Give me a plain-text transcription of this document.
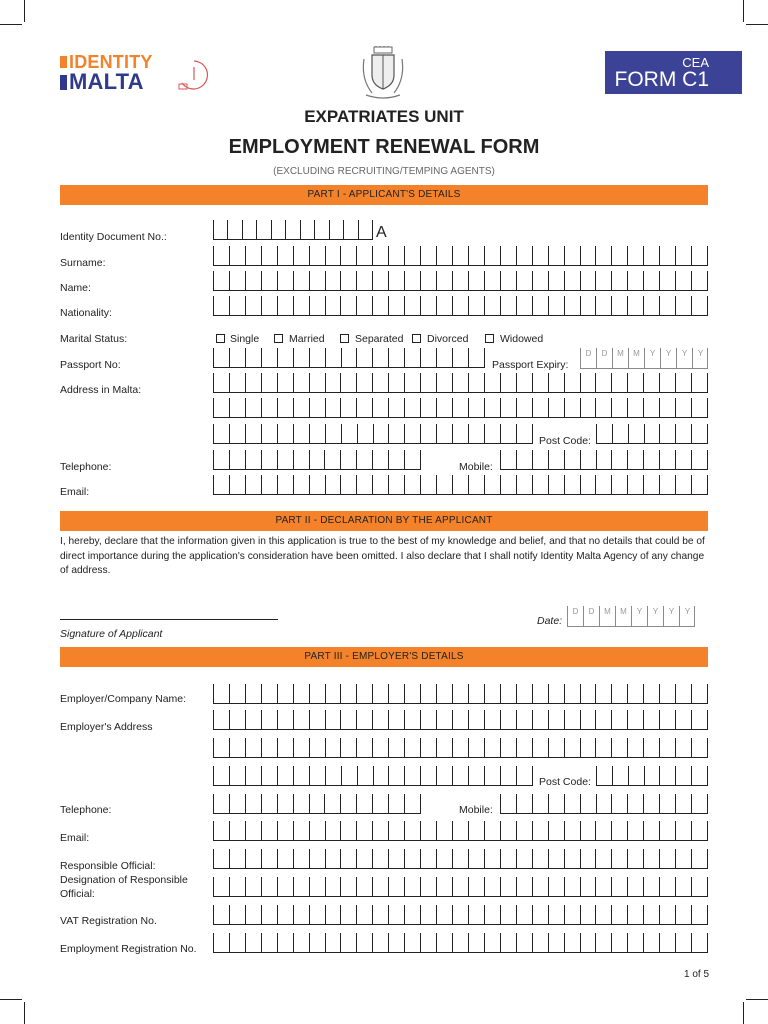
IDENTITY
MALTA
CEA
FORM C1
EXPATRIATES UNIT
EMPLOYMENT RENEWAL FORM
(EXCLUDING RECRUITING/TEMPING AGENTS)
PART I - APPLICANT'S DETAILS
Identity Document No.:	A
Surname:
Name:
Nationality:
Marital Status:	Single	Married	Separated Divorced	Widowed
Passport No:	Passport Expiry:
D	D	M	M	Y	Y	Y	Y
Address in Malta:
Post Code:
Telephone:	Mobile:
Email:
PART II - DECLARATION BY THE APPLICANT
I, hereby, declare that the information given in this application is true to the best of my knowledge and belief, and that no details that could be of direct importance during the application's consideration have been omitted. I also declare that I shall notify Identity Malta Agency of any change of address.
Signature of Applicant
Date:
D	D	M	M	Y	Y	Y	Y
PART III - EMPLOYER'S DETAILS
Employer/Company Name:
Employer's Address
Post Code:
Telephone:	Mobile:
Email:
Responsible Official:
Designation of Responsible
Official:
VAT Registration No.
Employment Registration No.
1 of 5
